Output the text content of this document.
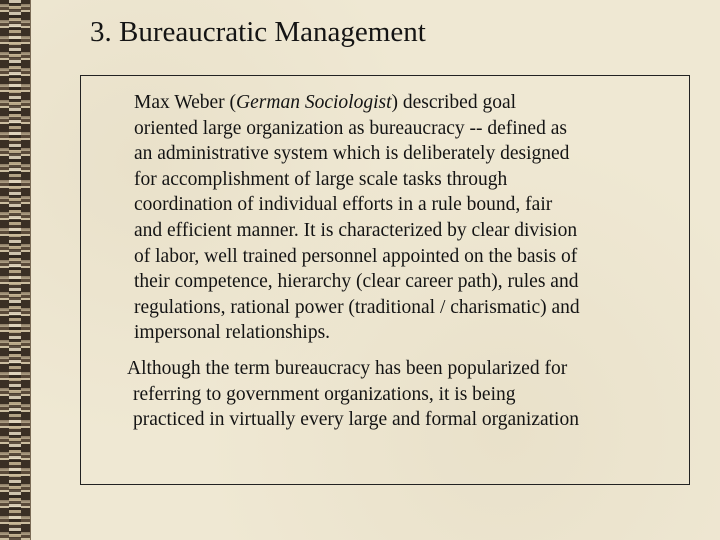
3. Bureaucratic Management
Max Weber (German Sociologist) described goal
oriented large organization as bureaucracy -- defined as
an administrative system which is deliberately designed
for accomplishment of large scale tasks through
coordination of individual efforts in a rule bound, fair
and efficient manner. It is characterized by clear division
of labor, well trained personnel appointed on the basis of
their competence, hierarchy (clear career path), rules and
regulations, rational power (traditional / charismatic) and
impersonal relationships.
Although the term bureaucracy has been popularized for
referring to government organizations, it is being
practiced in virtually every large and formal organization
